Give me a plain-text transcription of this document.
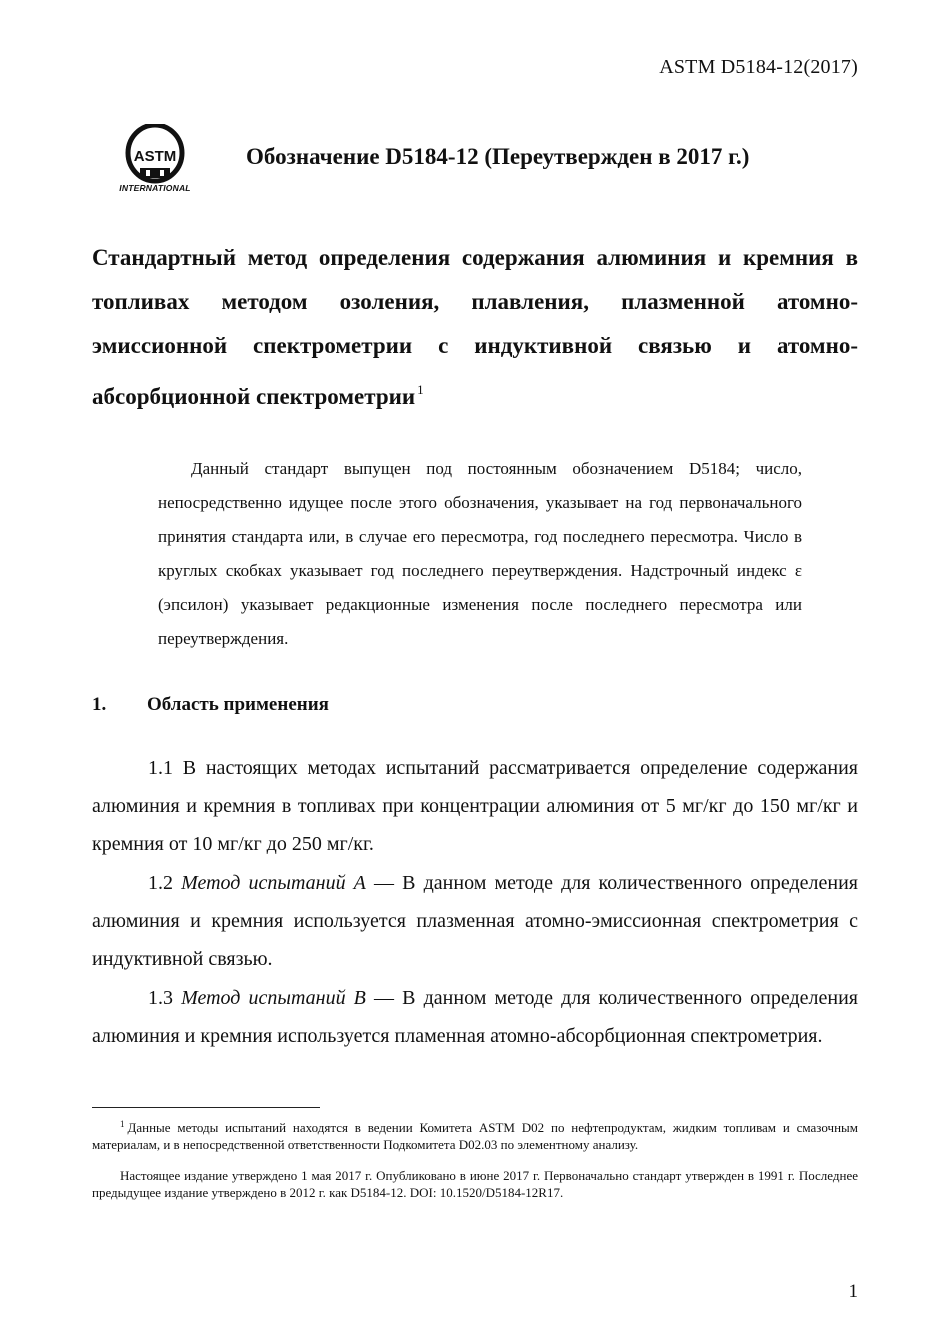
ASTM D5184-12(2017)
ASTM
INTERNATIONAL
Обозначение D5184-12 (Переутвержден в 2017 г.)

Стандартный метод определения содержания алюминия и кремния в топливах методом озоления, плавления, плазменной атомно-эмиссионной спектрометрии с индуктивной связью и атомно-абсорбционной спектрометрии $^1$

Данный стандарт выпущен под постоянным обозначением D5184; число, непосредственно идущее после этого обозначения, указывает на год первоначального принятия стандарта или, в случае его пересмотра, год последнего пересмотра. Число в круглых скобках указывает год последнего переутверждения. Надстрочный индекс ε (эпсилон) указывает редакционные изменения после последнего пересмотра или переутверждения.

1. Область применения

1.1 В настоящих методах испытаний рассматривается определение содержания алюминия и кремния в топливах при концентрации алюминия от 5 мг/кг до 150 мг/кг и кремния от 10 мг/кг до 250 мг/кг.

1.2 Метод испытаний A — В данном методе для количественного определения алюминия и кремния используется плазменная атомно-эмиссионная спектрометрия с индуктивной связью.

1.3 Метод испытаний B — В данном методе для количественного определения алюминия и кремния используется пламенная атомно-абсорбционная спектрометрия.

$^1$ Данные методы испытаний находятся в ведении Комитета ASTM D02 по нефтепродуктам, жидким топливам и смазочным материалам, и в непосредственной ответственности Подкомитета D02.03 по элементному анализу.

Настоящее издание утверждено 1 мая 2017 г. Опубликовано в июне 2017 г. Первоначально стандарт утвержден в 1991 г. Последнее предыдущее издание утверждено в 2012 г. как D5184-12. DOI: 10.1520/D5184-12R17.

1
